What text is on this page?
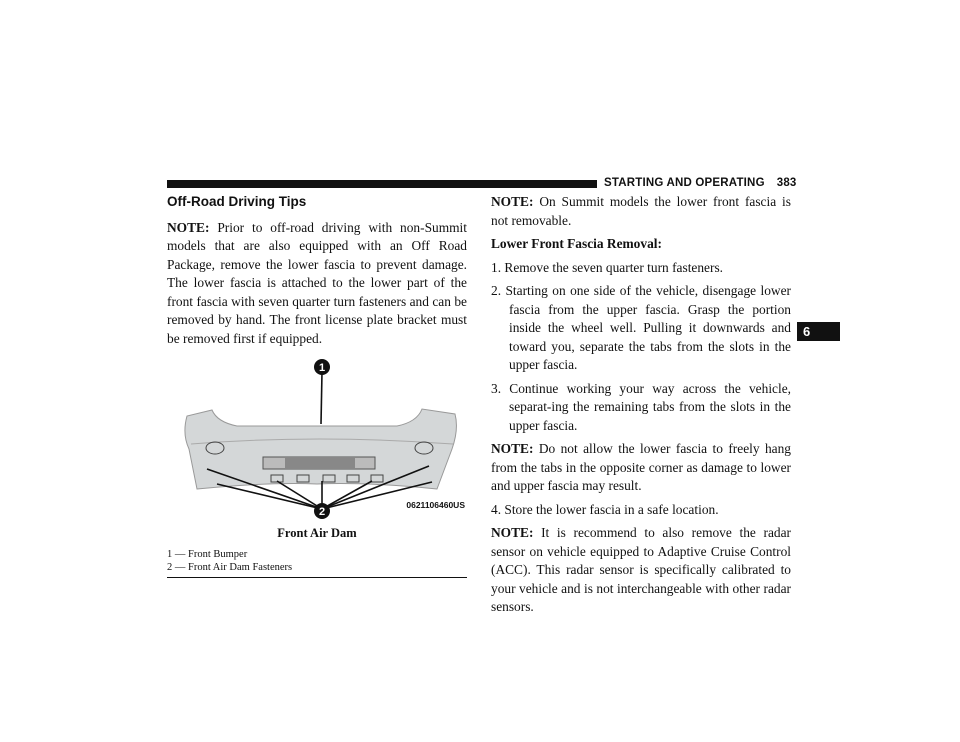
STARTING AND OPERATING 383
6
Off-Road Driving Tips

NOTE: Prior to off-road driving with non-Summit models that are also equipped with an Off Road Package, remove the lower fascia to prevent damage. The lower fascia is attached to the lower part of the front fascia with seven quarter turn fasteners and can be removed by hand. The front license plate bracket must be removed first if equipped.

1
2
0621106460US
Front Air Dam
1 — Front Bumper
2 — Front Air Dam Fasteners

NOTE: On Summit models the lower front fascia is not removable.

Lower Front Fascia Removal:

1. Remove the seven quarter turn fasteners.

2. Starting on one side of the vehicle, disengage lower fascia from the upper fascia. Grasp the portion inside the wheel well. Pulling it downwards and toward you, separate the tabs from the slots in the upper fascia.

3. Continue working your way across the vehicle, separat-ing the remaining tabs from the slots in the upper fascia.

NOTE: Do not allow the lower fascia to freely hang from the tabs in the opposite corner as damage to lower and upper fascia may result.

4. Store the lower fascia in a safe location.

NOTE: It is recommend to also remove the radar sensor on vehicle equipped to Adaptive Cruise Control (ACC). This radar sensor is specifically calibrated to your vehicle and is not interchangeable with other radar sensors.
